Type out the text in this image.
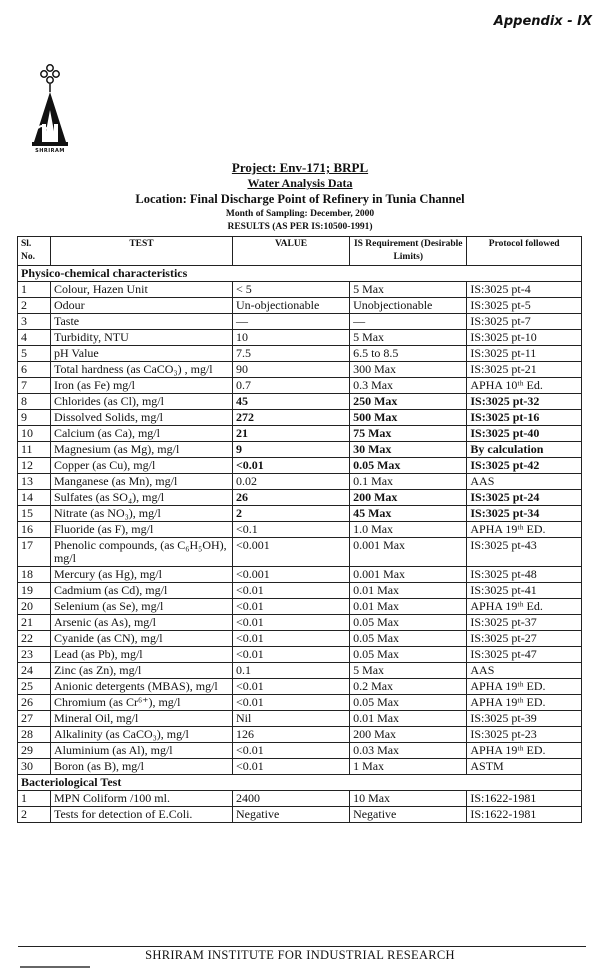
Appendix - IX
SHRIRAM
Project: Env-171; BRPL
Water Analysis Data
Location: Final Discharge Point of Refinery in Tunia Channel
Month of Sampling: December, 2000
RESULTS (AS PER IS:10500-1991)
Sl. No.	TEST	VALUE	IS Requirement (Desirable Limits)	Protocol followed
Physico-chemical characteristics				
1	Colour, Hazen Unit	< 5	5 Max	IS:3025 pt-4
2	Odour	Un-objectionable	Unobjectionable	IS:3025 pt-5
3	Taste	—	—	IS:3025 pt-7
4	Turbidity, NTU	10	5 Max	IS:3025 pt-10
5	pH Value	7.5	6.5 to 8.5	IS:3025 pt-11
6	Total hardness (as CaCO₃) , mg/l	90	300 Max	IS:3025 pt-21
7	Iron (as Fe) mg/l	0.7	0.3 Max	APHA 10ᵗʰ Ed.
8	Chlorides (as Cl), mg/l	45	250 Max	IS:3025 pt-32
9	Dissolved Solids, mg/l	272	500 Max	IS:3025 pt-16
10	Calcium (as Ca), mg/l	21	75 Max	IS:3025 pt-40
11	Magnesium (as Mg), mg/l	9	30 Max	By calculation
12	Copper (as Cu), mg/l	<0.01	0.05 Max	IS:3025 pt-42
13	Manganese (as Mn), mg/l	0.02	0.1 Max	AAS
14	Sulfates (as SO₄), mg/l	26	200 Max	IS:3025 pt-24
15	Nitrate (as NO₃), mg/l	2	45 Max	IS:3025 pt-34
16	Fluoride (as F), mg/l	<0.1	1.0 Max	APHA 19ᵗʰ ED.
17	Phenolic compounds, (as C₆H₅OH), mg/l	<0.001	0.001 Max	IS:3025 pt-43
18	Mercury (as Hg), mg/l	<0.001	0.001 Max	IS:3025 pt-48
19	Cadmium (as Cd), mg/l	<0.01	0.01 Max	IS:3025 pt-41
20	Selenium (as Se), mg/l	<0.01	0.01 Max	APHA 19ᵗʰ Ed.
21	Arsenic (as As), mg/l	<0.01	0.05 Max	IS:3025 pt-37
22	Cyanide (as CN), mg/l	<0.01	0.05 Max	IS:3025 pt-27
23	Lead (as Pb), mg/l	<0.01	0.05 Max	IS:3025 pt-47
24	Zinc (as Zn), mg/l	0.1	5 Max	AAS
25	Anionic detergents (MBAS), mg/l	<0.01	0.2 Max	APHA 19ᵗʰ ED.
26	Chromium (as Cr⁶⁺), mg/l	<0.01	0.05 Max	APHA 19ᵗʰ ED.
27	Mineral Oil, mg/l	Nil	0.01 Max	IS:3025 pt-39
28	Alkalinity (as CaCO₃), mg/l	126	200 Max	IS:3025 pt-23
29	Aluminium (as Al), mg/l	<0.01	0.03 Max	APHA 19ᵗʰ ED.
30	Boron (as B), mg/l	<0.01	1 Max	ASTM
Bacteriological Test				
1	MPN Coliform /100 ml.	2400	10 Max	IS:1622-1981
2	Tests for detection of E.Coli.	Negative	Negative	IS:1622-1981
SHRIRAM INSTITUTE FOR INDUSTRIAL RESEARCH
